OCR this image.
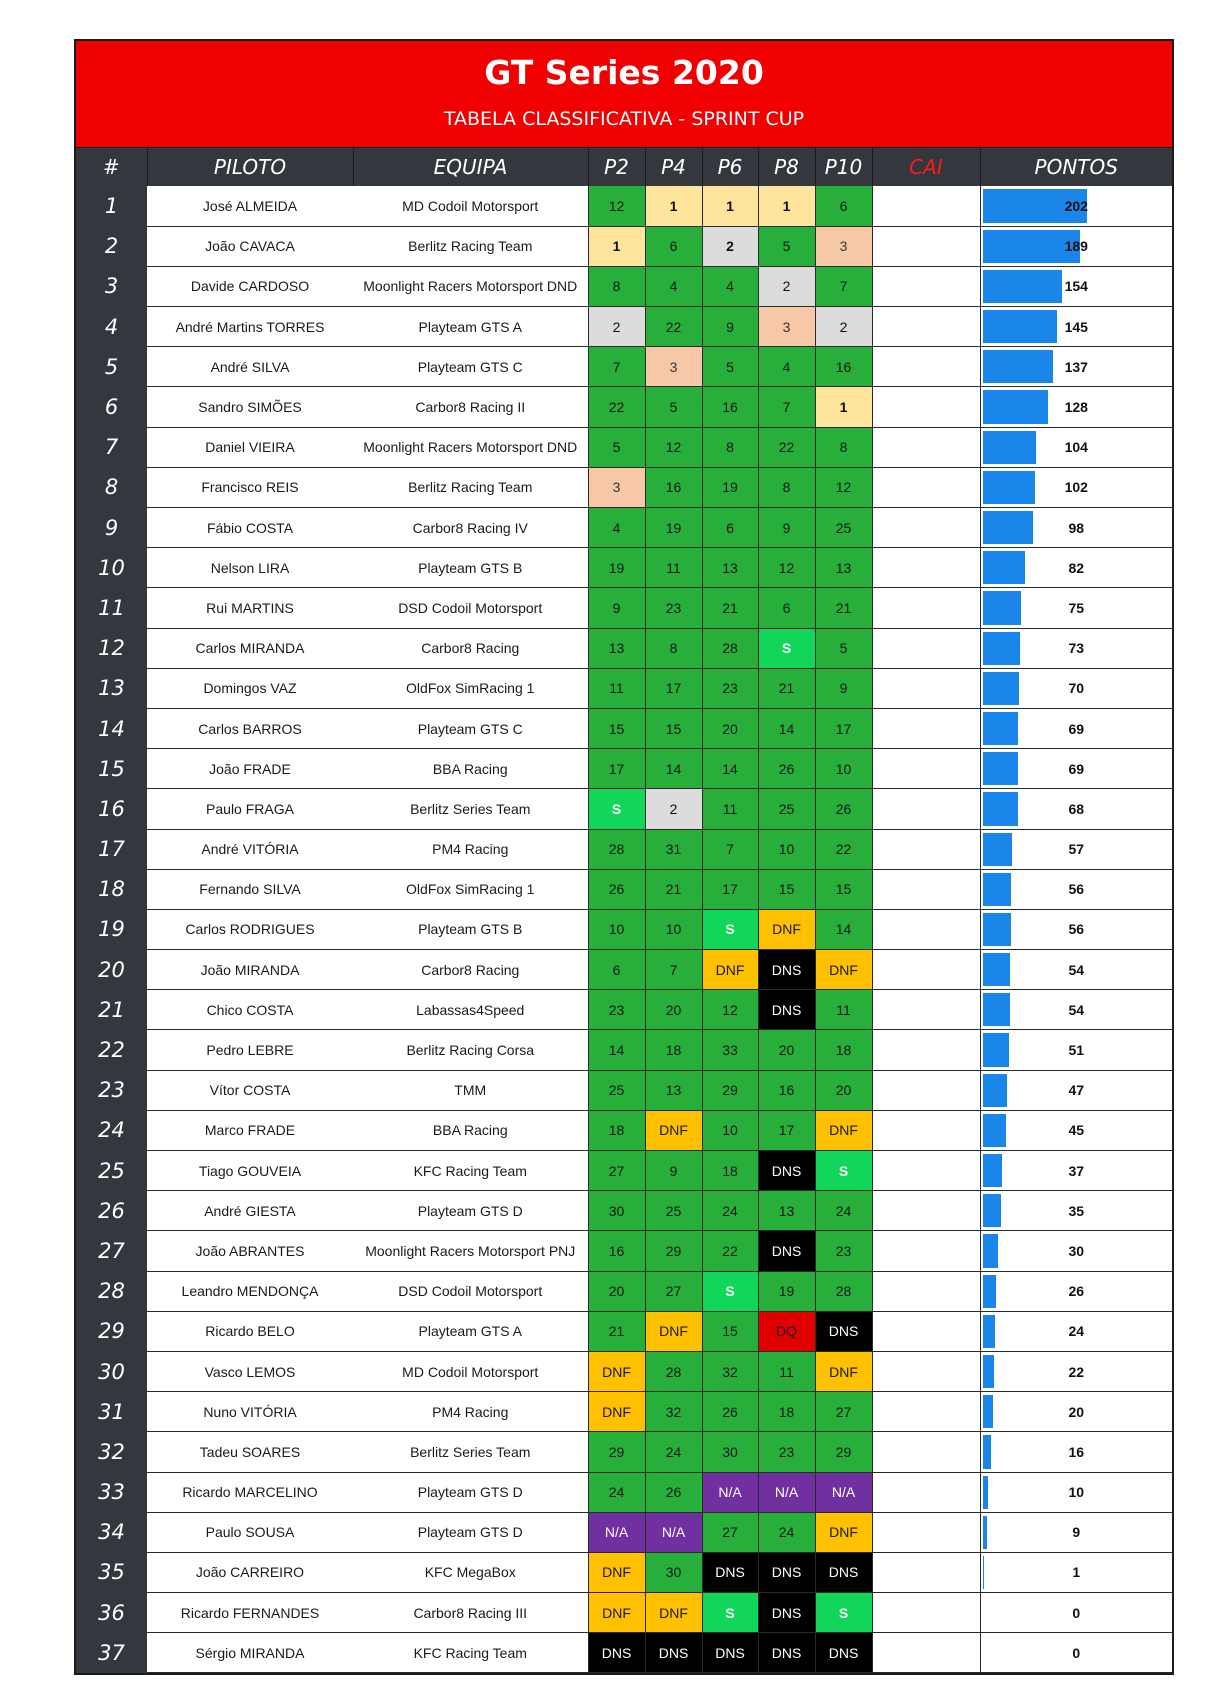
GT Series 2020
TABELA CLASSIFICATIVA - SPRINT CUP
#	PILOTO	EQUIPA	P2	P4	P6	P8	P10	CAI	PONTOS
1	José ALMEIDA	MD Codoil Motorsport	12	1	1	1	6		202
2	João CAVACA	Berlitz Racing Team	1	6	2	5	3		189
3	Davide CARDOSO	Moonlight Racers Motorsport DND	8	4	4	2	7		154
4	André Martins TORRES	Playteam GTS A	2	22	9	3	2		145
5	André SILVA	Playteam GTS C	7	3	5	4	16		137
6	Sandro SIMÕES	Carbor8 Racing II	22	5	16	7	1		128
7	Daniel VIEIRA	Moonlight Racers Motorsport DND	5	12	8	22	8		104
8	Francisco REIS	Berlitz Racing Team	3	16	19	8	12		102
9	Fábio COSTA	Carbor8 Racing IV	4	19	6	9	25		98
10	Nelson LIRA	Playteam GTS B	19	11	13	12	13		82
11	Rui MARTINS	DSD Codoil Motorsport	9	23	21	6	21		75
12	Carlos MIRANDA	Carbor8 Racing	13	8	28	S	5		73
13	Domingos VAZ	OldFox SimRacing 1	11	17	23	21	9		70
14	Carlos BARROS	Playteam GTS C	15	15	20	14	17		69
15	João FRADE	BBA Racing	17	14	14	26	10		69
16	Paulo FRAGA	Berlitz Series Team	S	2	11	25	26		68
17	André VITÓRIA	PM4 Racing	28	31	7	10	22		57
18	Fernando SILVA	OldFox SimRacing 1	26	21	17	15	15		56
19	Carlos RODRIGUES	Playteam GTS B	10	10	S	DNF	14		56
20	João MIRANDA	Carbor8 Racing	6	7	DNF	DNS	DNF		54
21	Chico COSTA	Labassas4Speed	23	20	12	DNS	11		54
22	Pedro LEBRE	Berlitz Racing Corsa	14	18	33	20	18		51
23	Vítor COSTA	TMM	25	13	29	16	20		47
24	Marco FRADE	BBA Racing	18	DNF	10	17	DNF		45
25	Tiago GOUVEIA	KFC Racing Team	27	9	18	DNS	S		37
26	André GIESTA	Playteam GTS D	30	25	24	13	24		35
27	João ABRANTES	Moonlight Racers Motorsport PNJ	16	29	22	DNS	23		30
28	Leandro MENDONÇA	DSD Codoil Motorsport	20	27	S	19	28		26
29	Ricardo BELO	Playteam GTS A	21	DNF	15	DQ	DNS		24
30	Vasco LEMOS	MD Codoil Motorsport	DNF	28	32	11	DNF		22
31	Nuno VITÓRIA	PM4 Racing	DNF	32	26	18	27		20
32	Tadeu SOARES	Berlitz Series Team	29	24	30	23	29		16
33	Ricardo MARCELINO	Playteam GTS D	24	26	N/A	N/A	N/A		10
34	Paulo SOUSA	Playteam GTS D	N/A	N/A	27	24	DNF		9
35	João CARREIRO	KFC MegaBox	DNF	30	DNS	DNS	DNS		1
36	Ricardo FERNANDES	Carbor8 Racing III	DNF	DNF	S	DNS	S		0
37	Sérgio MIRANDA	KFC Racing Team	DNS	DNS	DNS	DNS	DNS		0
